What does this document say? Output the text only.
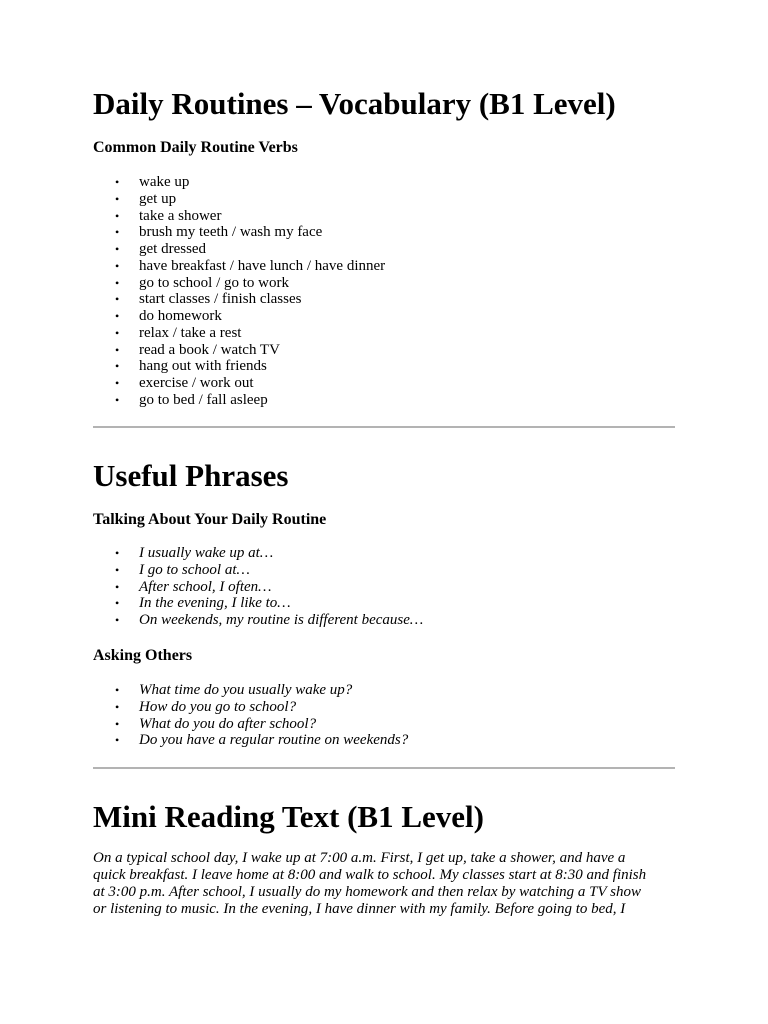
Daily Routines – Vocabulary (B1 Level)
Common Daily Routine Verbs
• wake up
• get up
• take a shower
• brush my teeth / wash my face
• get dressed
• have breakfast / have lunch / have dinner
• go to school / go to work
• start classes / finish classes
• do homework
• relax / take a rest
• read a book / watch TV
• hang out with friends
• exercise / work out
• go to bed / fall asleep
Useful Phrases
Talking About Your Daily Routine
• I usually wake up at…
• I go to school at…
• After school, I often…
• In the evening, I like to…
• On weekends, my routine is different because…
Asking Others
• What time do you usually wake up?
• How do you go to school?
• What do you do after school?
• Do you have a regular routine on weekends?
Mini Reading Text (B1 Level)

On a typical school day, I wake up at 7:00 a.m. First, I get up, take a shower, and have a
quick breakfast. I leave home at 8:00 and walk to school. My classes start at 8:30 and finish
at 3:00 p.m. After school, I usually do my homework and then relax by watching a TV show
or listening to music. In the evening, I have dinner with my family. Before going to bed, I
